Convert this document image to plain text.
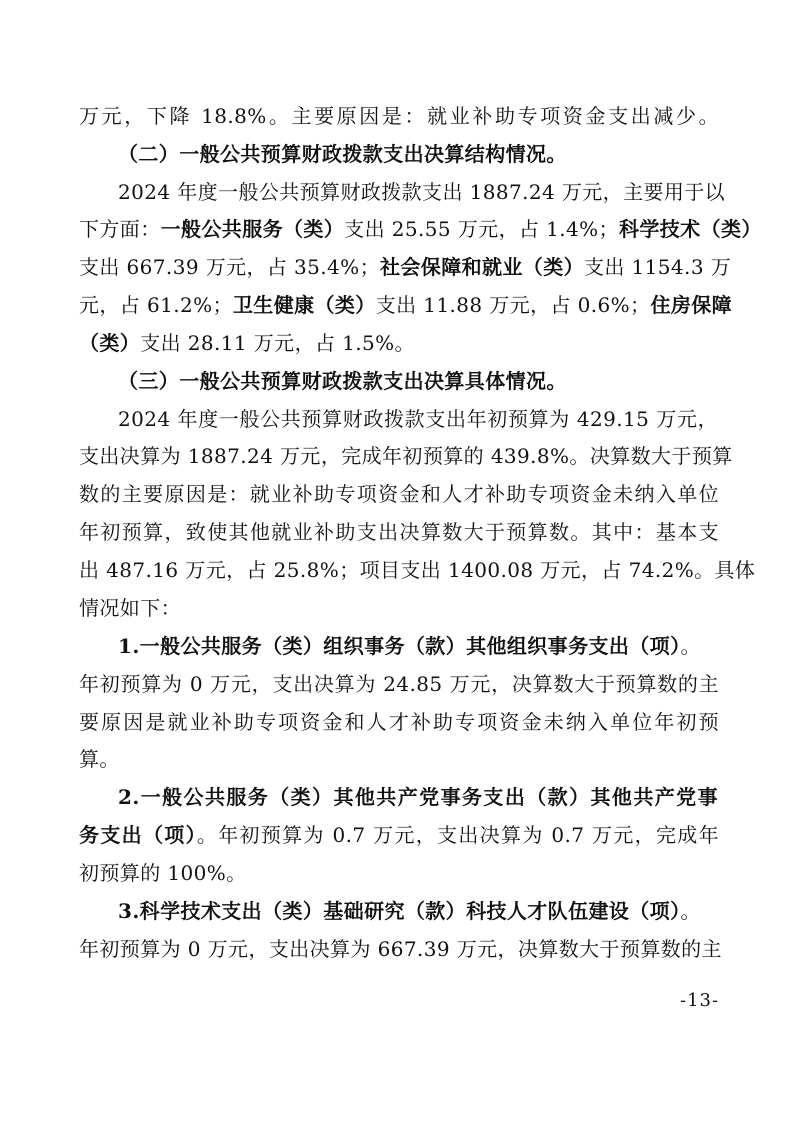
万元，下降 18.8%。主要原因是：就业补助专项资金支出减少。
（二）一般公共预算财政拨款支出决算结构情况。
2024 年度一般公共预算财政拨款支出 1887.24 万元，主要用于以
下方面：一般公共服务（类）支出 25.55 万元，占 1.4%；科学技术（类）
支出 667.39 万元，占 35.4%；社会保障和就业（类）支出 1154.3 万
元，占 61.2%；卫生健康（类）支出 11.88 万元，占 0.6%；住房保障
（类）支出 28.11 万元，占 1.5%。
（三）一般公共预算财政拨款支出决算具体情况。
2024 年度一般公共预算财政拨款支出年初预算为 429.15 万元，
支出决算为 1887.24 万元，完成年初预算的 439.8%。决算数大于预算
数的主要原因是：就业补助专项资金和人才补助专项资金未纳入单位
年初预算，致使其他就业补助支出决算数大于预算数。其中：基本支
出 487.16 万元，占 25.8%；项目支出 1400.08 万元，占 74.2%。具体
情况如下：
1.一般公共服务（类）组织事务（款）其他组织事务支出（项）。
年初预算为 0 万元，支出决算为 24.85 万元，决算数大于预算数的主
要原因是就业补助专项资金和人才补助专项资金未纳入单位年初预
算。
2.一般公共服务（类）其他共产党事务支出（款）其他共产党事
务支出（项）。年初预算为 0.7 万元，支出决算为 0.7 万元，完成年
初预算的 100%。
3.科学技术支出（类）基础研究（款）科技人才队伍建设（项）。
年初预算为 0 万元，支出决算为 667.39 万元，决算数大于预算数的主
-13-
